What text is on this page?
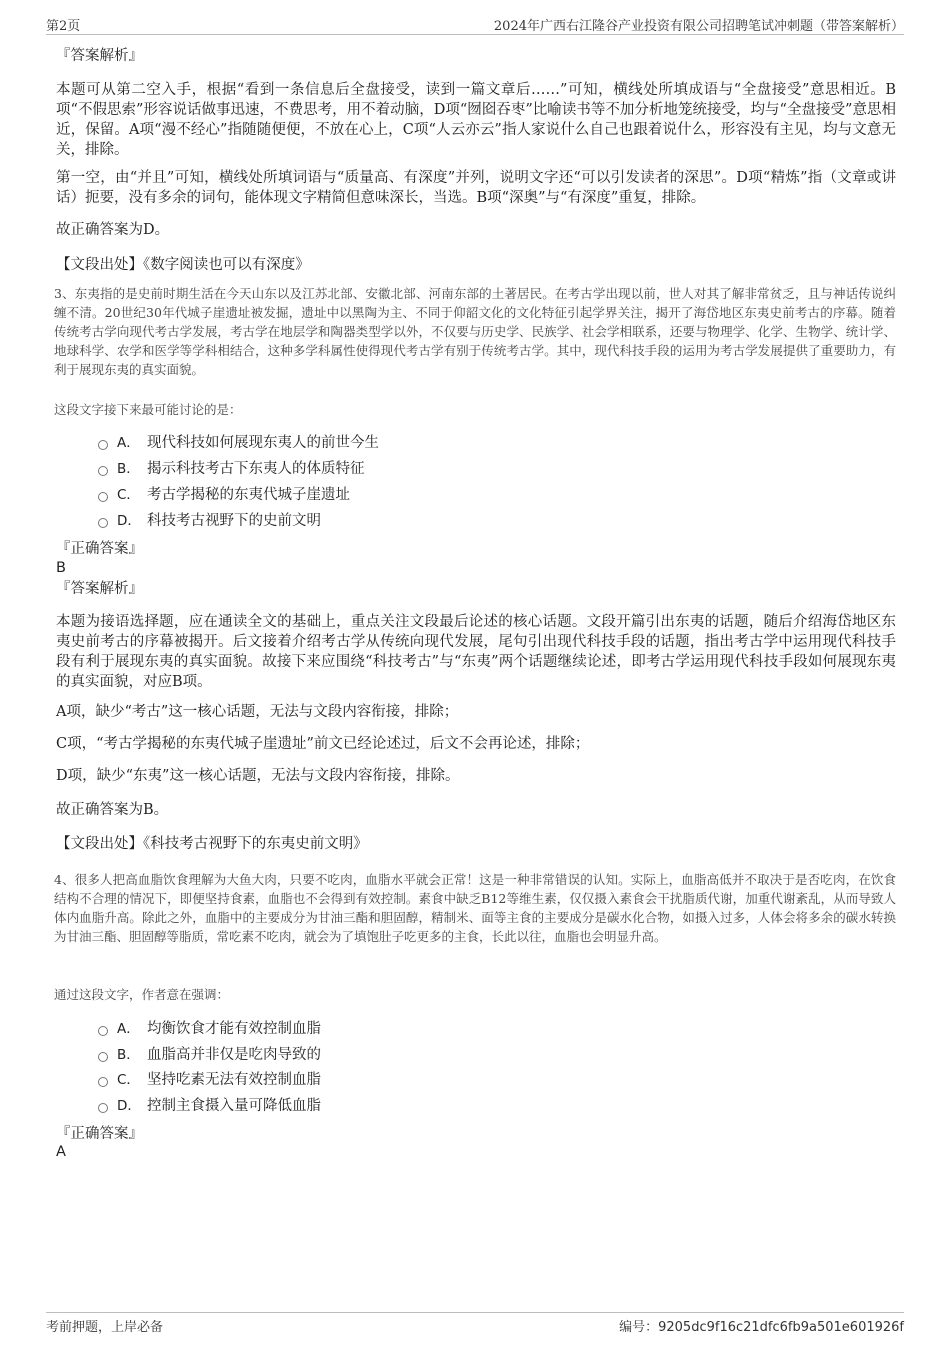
第2页	2024年广西右江隆谷产业投资有限公司招聘笔试冲刺题（带答案解析）
『答案解析』

本题可从第二空入手，根据“看到一条信息后全盘接受，读到一篇文章后……”可知，横线处所填成语与“全盘接受”意思相近。B项“不假思索”形容说话做事迅速，不费思考，用不着动脑，D项“囫囵吞枣”比喻读书等不加分析地笼统接受，均与“全盘接受”意思相近，保留。A项“漫不经心”指随随便便，不放在心上，C项“人云亦云”指人家说什么自己也跟着说什么，形容没有主见，均与文意无关，排除。

第一空，由“并且”可知，横线处所填词语与“质量高、有深度”并列，说明文字还“可以引发读者的深思”。D项“精炼”指（文章或讲话）扼要，没有多余的词句，能体现文字精简但意味深长，当选。B项“深奥”与“有深度”重复，排除。

故正确答案为D。

【文段出处】《数字阅读也可以有深度》

3、东夷指的是史前时期生活在今天山东以及江苏北部、安徽北部、河南东部的土著居民。在考古学出现以前，世人对其了解非常贫乏，且与神话传说纠缠不清。20世纪30年代城子崖遗址被发掘，遗址中以黑陶为主、不同于仰韶文化的文化特征引起学界关注，揭开了海岱地区东夷史前考古的序幕。随着传统考古学向现代考古学发展，考古学在地层学和陶器类型学以外，不仅要与历史学、民族学、社会学相联系，还要与物理学、化学、生物学、统计学、地球科学、农学和医学等学科相结合，这种多学科属性使得现代考古学有别于传统考古学。其中，现代科技手段的运用为考古学发展提供了重要助力，有利于展现东夷的真实面貌。

这段文字接下来最可能讨论的是：
A． 现代科技如何展现东夷人的前世今生
B． 揭示科技考古下东夷人的体质特征
C． 考古学揭秘的东夷代城子崖遗址
D． 科技考古视野下的史前文明
『正确答案』
B
『答案解析』

本题为接语选择题，应在通读全文的基础上，重点关注文段最后论述的核心话题。文段开篇引出东夷的话题，随后介绍海岱地区东夷史前考古的序幕被揭开。后文接着介绍考古学从传统向现代发展，尾句引出现代科技手段的话题，指出考古学中运用现代科技手段有利于展现东夷的真实面貌。故接下来应围绕“科技考古”与“东夷”两个话题继续论述，即考古学运用现代科技手段如何展现东夷的真实面貌，对应B项。

A项，缺少“考古”这一核心话题，无法与文段内容衔接，排除；

C项，“考古学揭秘的东夷代城子崖遗址”前文已经论述过，后文不会再论述，排除；

D项，缺少“东夷”这一核心话题，无法与文段内容衔接，排除。

故正确答案为B。

【文段出处】《科技考古视野下的东夷史前文明》

4、很多人把高血脂饮食理解为大鱼大肉，只要不吃肉，血脂水平就会正常！这是一种非常错误的认知。实际上，血脂高低并不取决于是否吃肉，在饮食结构不合理的情况下，即便坚持食素，血脂也不会得到有效控制。素食中缺乏B12等维生素，仅仅摄入素食会干扰脂质代谢，加重代谢紊乱，从而导致人体内血脂升高。除此之外，血脂中的主要成分为甘油三酯和胆固醇，精制米、面等主食的主要成分是碳水化合物，如摄入过多，人体会将多余的碳水转换为甘油三酯、胆固醇等脂质，常吃素不吃肉，就会为了填饱肚子吃更多的主食，长此以往，血脂也会明显升高。

通过这段文字，作者意在强调：
A． 均衡饮食才能有效控制血脂
B． 血脂高并非仅是吃肉导致的
C． 坚持吃素无法有效控制血脂
D． 控制主食摄入量可降低血脂
『正确答案』
A
考前押题，上岸必备	编号：9205dc9f16c21dfc6fb9a501e601926f
